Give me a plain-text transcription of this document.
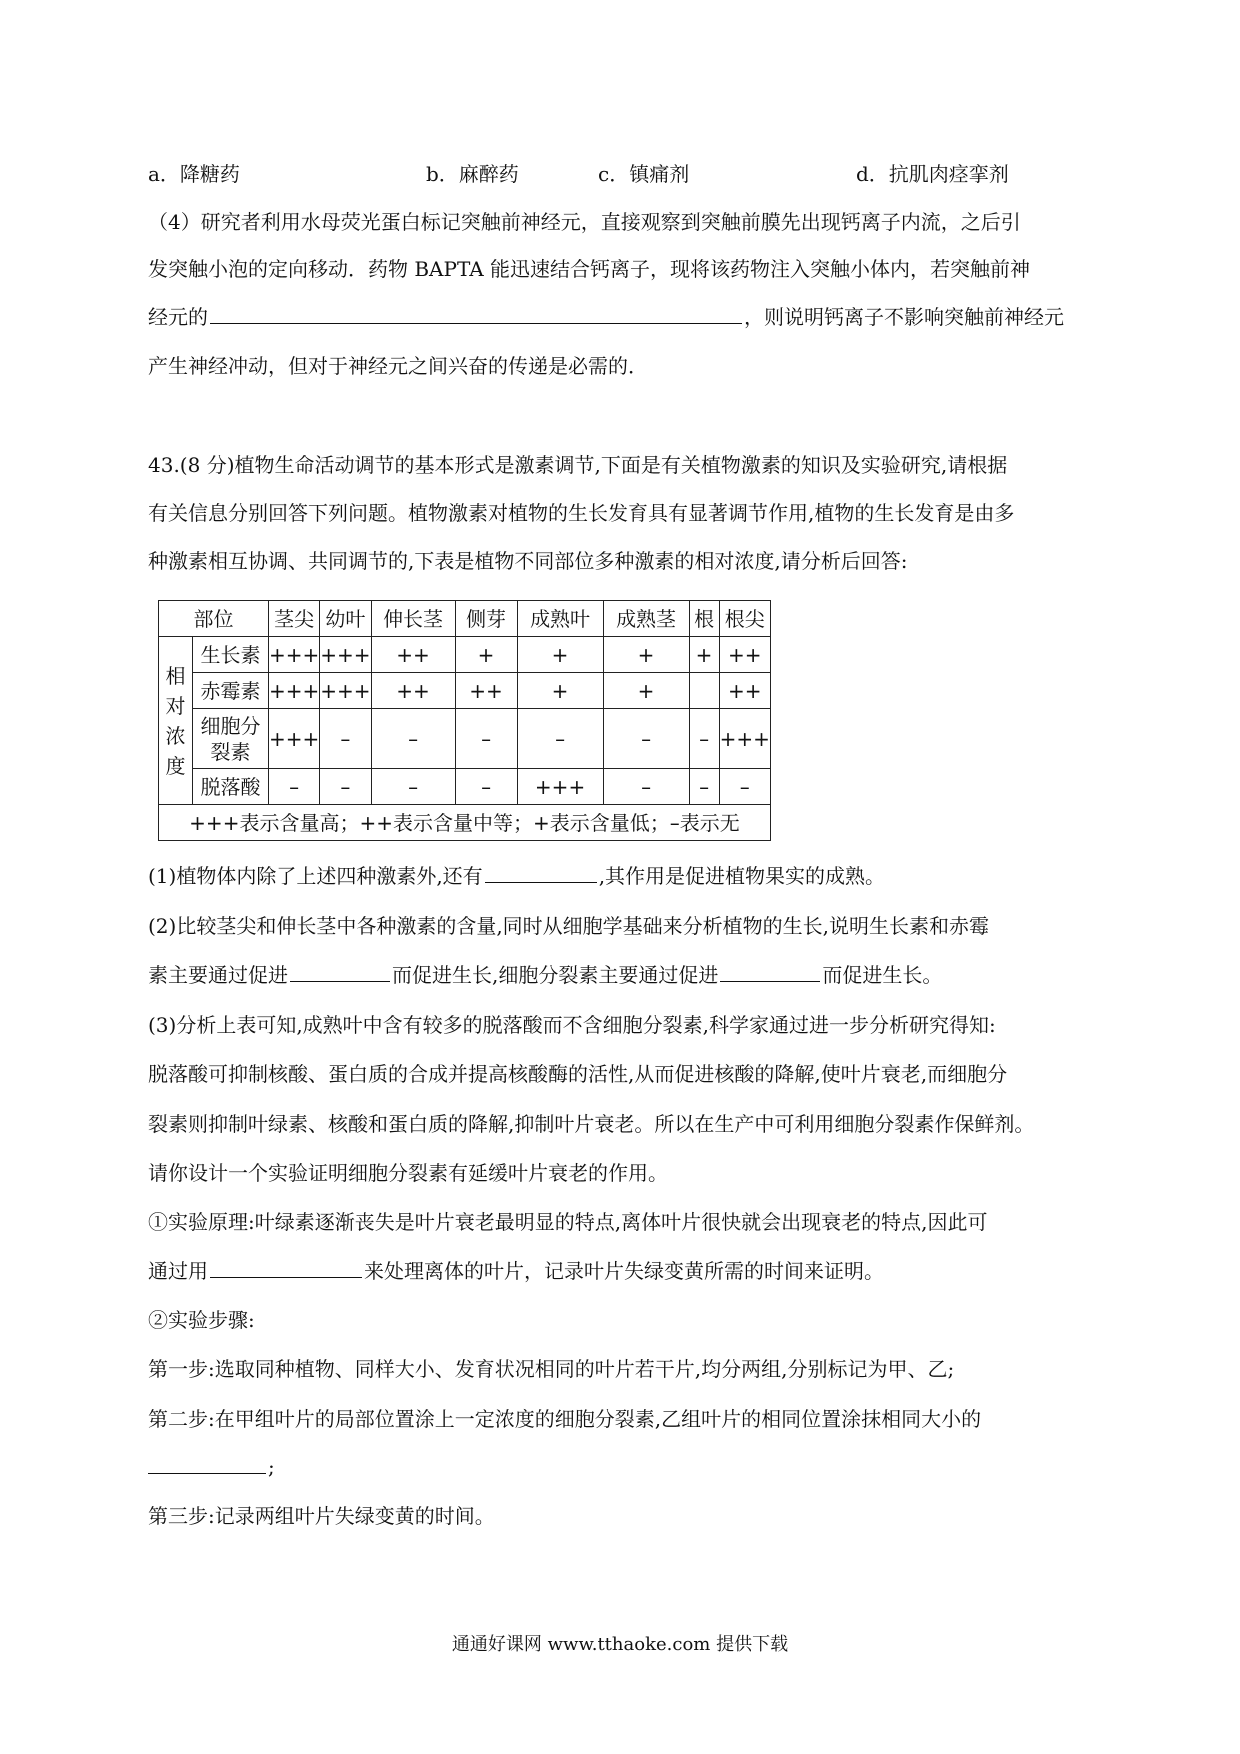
a．降糖药	b．麻醉药	c．镇痛剂	d．抗肌肉痉挛剂
（4）研究者利用水母荧光蛋白标记突触前神经元，直接观察到突触前膜先出现钙离子内流，之后引
发突触小泡的定向移动．药物 BAPTA 能迅速结合钙离子，现将该药物注入突触小体内，若突触前神
经元的	，则说明钙离子不影响突触前神经元
产生神经冲动，但对于神经元之间兴奋的传递是必需的．
43.(8 分)植物生命活动调节的基本形式是激素调节,下面是有关植物激素的知识及实验研究,请根据
有关信息分别回答下列问题。植物激素对植物的生长发育具有显著调节作用,植物的生长发育是由多
种激素相互协调、共同调节的,下表是植物不同部位多种激素的相对浓度,请分析后回答:
部位		茎尖	幼叶	伸长茎	侧芽	成熟叶	成熟茎	根	根尖
相
对
浓
度	生长素	+++	+++	++	+	+	+	+	++
	赤霉素	+++	+++	++	++	+	+		++
	细胞分
裂素	+++	–	–	–	–	–	–	+++
	脱落酸	–	–	–	–	+++	–	–	–
+++表示含量高；++表示含量中等；+表示含量低；–表示无									
(1)植物体内除了上述四种激素外,还有	,其作用是促进植物果实的成熟。
(2)比较茎尖和伸长茎中各种激素的含量,同时从细胞学基础来分析植物的生长,说明生长素和赤霉
素主要通过促进	而促进生长,细胞分裂素主要通过促进	而促进生长。
(3)分析上表可知,成熟叶中含有较多的脱落酸而不含细胞分裂素,科学家通过进一步分析研究得知:
脱落酸可抑制核酸、蛋白质的合成并提高核酸酶的活性,从而促进核酸的降解,使叶片衰老,而细胞分
裂素则抑制叶绿素、核酸和蛋白质的降解,抑制叶片衰老。所以在生产中可利用细胞分裂素作保鲜剂。
请你设计一个实验证明细胞分裂素有延缓叶片衰老的作用。
①实验原理:叶绿素逐渐丧失是叶片衰老最明显的特点,离体叶片很快就会出现衰老的特点,因此可
通过用	来处理离体的叶片，记录叶片失绿变黄所需的时间来证明。
②实验步骤:
第一步:选取同种植物、同样大小、发育状况相同的叶片若干片,均分两组,分别标记为甲、乙;
第二步:在甲组叶片的局部位置涂上一定浓度的细胞分裂素,乙组叶片的相同位置涂抹相同大小的
;
第三步:记录两组叶片失绿变黄的时间。
通通好课网 www.tthaoke.com 提供下载
